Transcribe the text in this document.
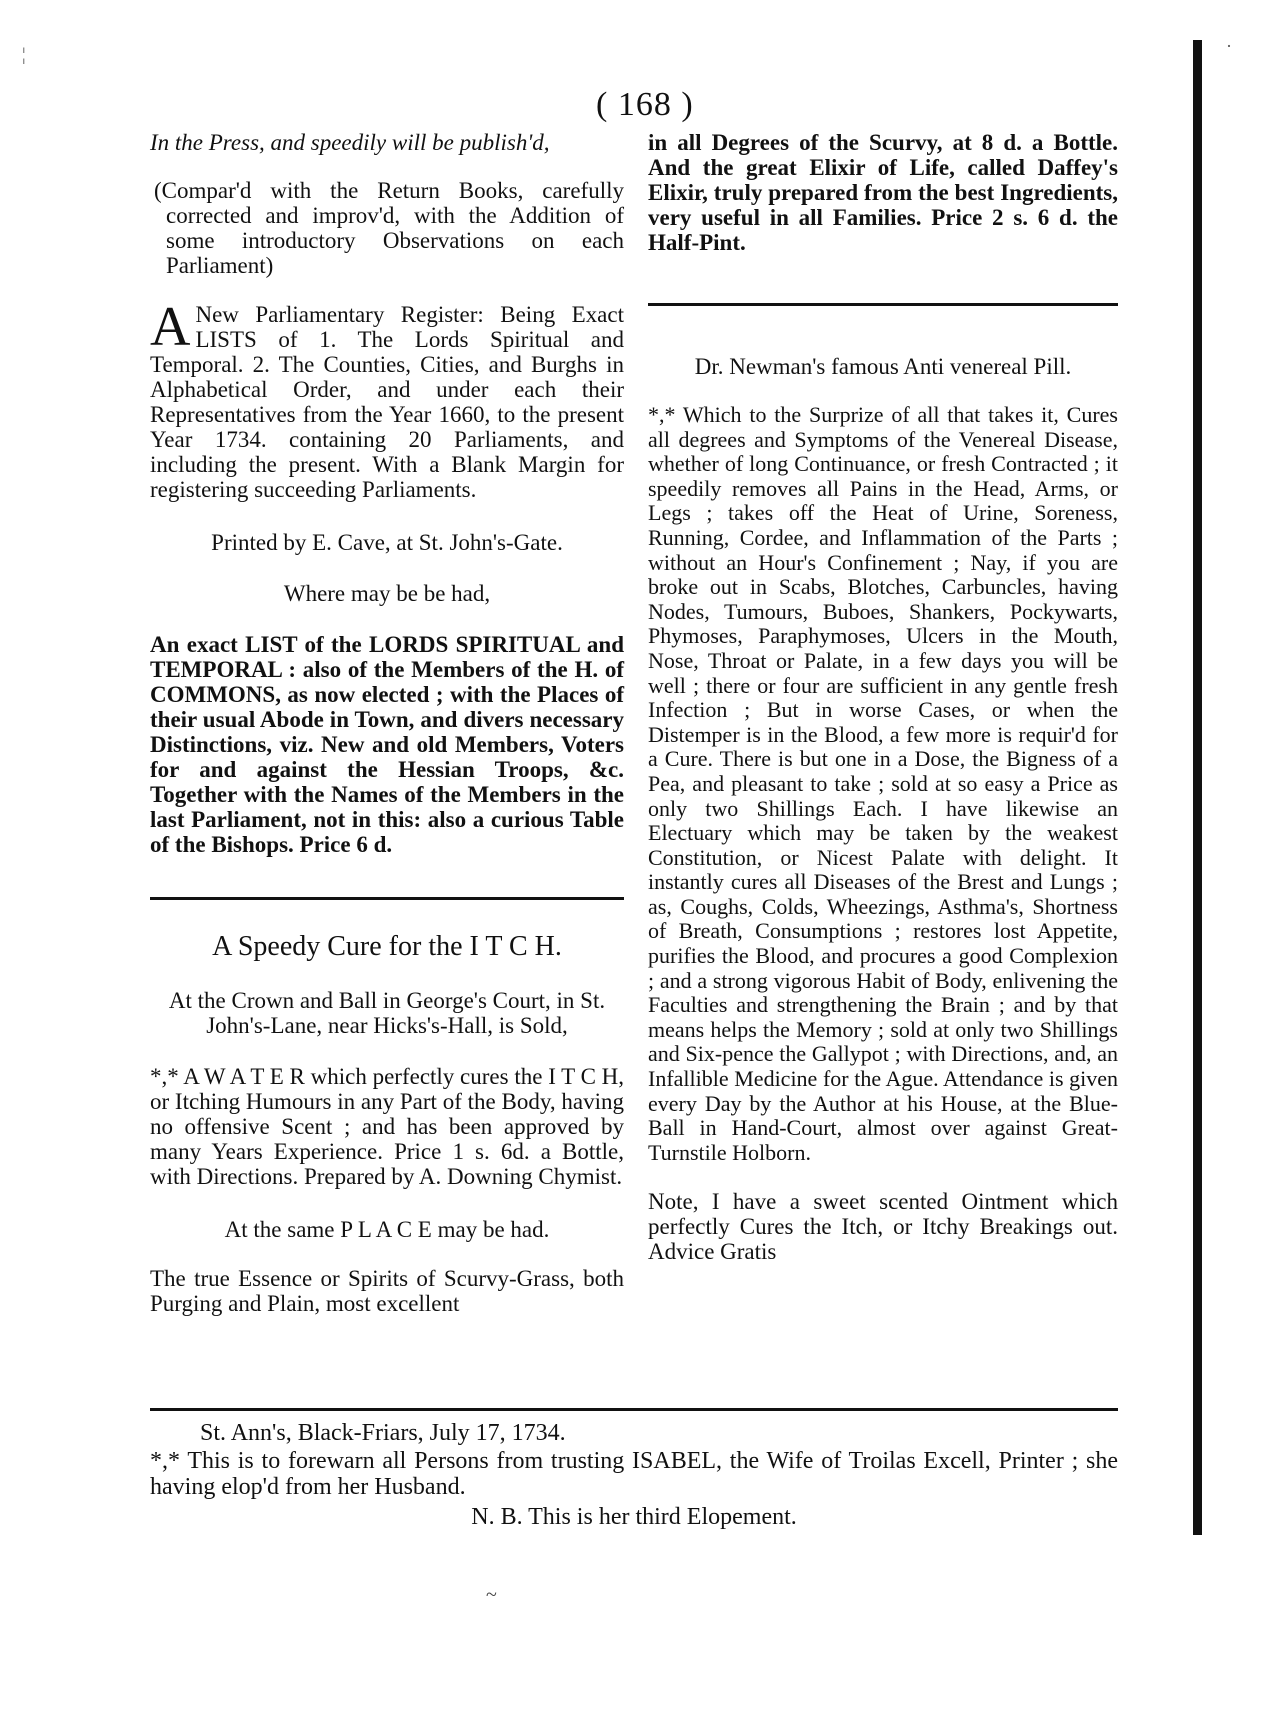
¦	·
( 168 )

In the Press, and speedily will be publish'd,

(Compar'd with the Return Books, carefully corrected and improv'd, with the Addition of some introductory Observations on each Parliament)

A New Parliamentary Register: Being Exact LISTS of 1. The Lords Spiritual and Temporal. 2. The Counties, Cities, and Burghs in Alphabetical Order, and under each their Representatives from the Year 1660, to the present Year 1734. containing 20 Parliaments, and including the present. With a Blank Margin for registering succeeding Parliaments.

Printed by E. Cave, at St. John's-Gate.

Where may be be had,

An exact LIST of the LORDS SPIRITUAL and TEMPORAL : also of the Members of the H. of COMMONS, as now elected ; with the Places of their usual Abode in Town, and divers necessary Distinctions, viz. New and old Members, Voters for and against the Hessian Troops, &c. Together with the Names of the Members in the last Parliament, not in this: also a curious Table of the Bishops. Price 6 d.

A Speedy Cure for the I T C H.

At the Crown and Ball in George's Court, in St. John's-Lane, near Hicks's-Hall, is Sold,

*,* A W A T E R which perfectly cures the I T C H, or Itching Humours in any Part of the Body, having no offensive Scent ; and has been approved by many Years Experience. Price 1 s. 6d. a Bottle, with Directions. Prepared by A. Downing Chymist.

At the same P L A C E may be had.

The true Essence or Spirits of Scurvy-Grass, both Purging and Plain, most excellent

in all Degrees of the Scurvy, at 8 d. a Bottle. And the great Elixir of Life, called Daffey's Elixir, truly prepared from the best Ingredients, very useful in all Families. Price 2 s. 6 d. the Half-Pint.

Dr. Newman's famous Anti venereal Pill.

*,* Which to the Surprize of all that takes it, Cures all degrees and Symptoms of the Venereal Disease, whether of long Continuance, or fresh Contracted ; it speedily removes all Pains in the Head, Arms, or Legs ; takes off the Heat of Urine, Soreness, Running, Cordee, and Inflammation of the Parts ; without an Hour's Confinement ; Nay, if you are broke out in Scabs, Blotches, Carbuncles, having Nodes, Tumours, Buboes, Shankers, Pockywarts, Phymoses, Paraphymoses, Ulcers in the Mouth, Nose, Throat or Palate, in a few days you will be well ; there or four are sufficient in any gentle fresh Infection ; But in worse Cases, or when the Distemper is in the Blood, a few more is requir'd for a Cure. There is but one in a Dose, the Bigness of a Pea, and pleasant to take ; sold at so easy a Price as only two Shillings Each. I have likewise an Electuary which may be taken by the weakest Constitution, or Nicest Palate with delight. It instantly cures all Diseases of the Brest and Lungs ; as, Coughs, Colds, Wheezings, Asthma's, Shortness of Breath, Consumptions ; restores lost Appetite, purifies the Blood, and procures a good Complexion ; and a strong vigorous Habit of Body, enlivening the Faculties and strengthening the Brain ; and by that means helps the Memory ; sold at only two Shillings and Six-pence the Gallypot ; with Directions, and, an Infallible Medicine for the Ague. Attendance is given every Day by the Author at his House, at the Blue-Ball in Hand-Court, almost over against Great-Turnstile Holborn.

Note, I have a sweet scented Ointment which perfectly Cures the Itch, or Itchy Breakings out. Advice Gratis

St. Ann's, Black-Friars, July 17, 1734.

*,* This is to forewarn all Persons from trusting ISABEL, the Wife of Troilas Excell, Printer ; she having elop'd from her Husband.

N. B. This is her third Elopement.

~
